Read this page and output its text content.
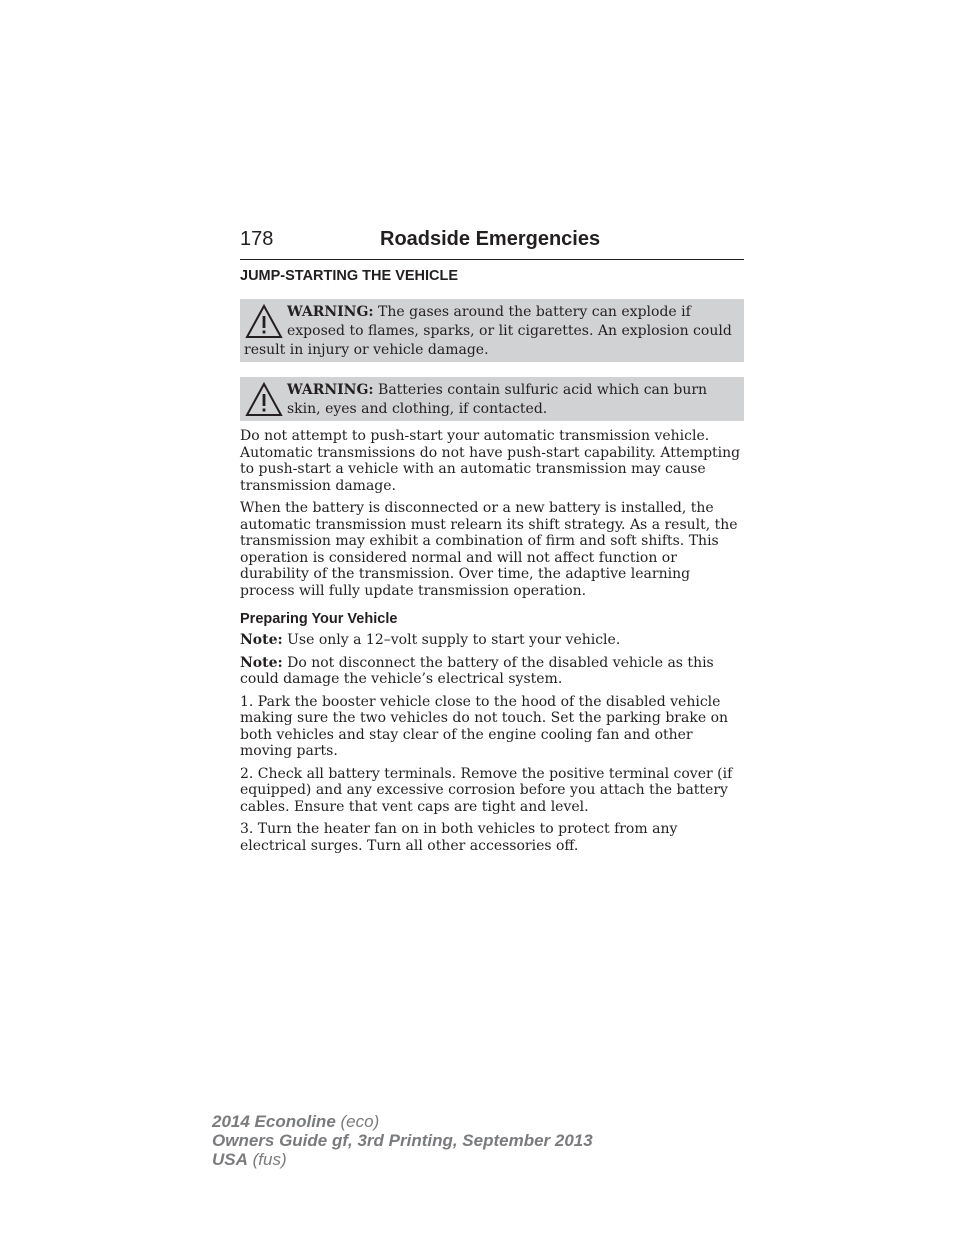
178	Roadside Emergencies
JUMP-STARTING THE VEHICLE
WARNING: The gases around the battery can explode if exposed to flames, sparks, or lit cigarettes. An explosion could result in injury or vehicle damage.
WARNING: Batteries contain sulfuric acid which can burn skin, eyes and clothing, if contacted.

Do not attempt to push-start your automatic transmission vehicle. Automatic transmissions do not have push-start capability. Attempting to push-start a vehicle with an automatic transmission may cause transmission damage.

When the battery is disconnected or a new battery is installed, the automatic transmission must relearn its shift strategy. As a result, the transmission may exhibit a combination of firm and soft shifts. This operation is considered normal and will not affect function or durability of the transmission. Over time, the adaptive learning process will fully update transmission operation.

Preparing Your Vehicle

Note: Use only a 12–volt supply to start your vehicle.

Note: Do not disconnect the battery of the disabled vehicle as this could damage the vehicle’s electrical system.

1. Park the booster vehicle close to the hood of the disabled vehicle making sure the two vehicles do not touch. Set the parking brake on both vehicles and stay clear of the engine cooling fan and other moving parts.

2. Check all battery terminals. Remove the positive terminal cover (if equipped) and any excessive corrosion before you attach the battery cables. Ensure that vent caps are tight and level.

3. Turn the heater fan on in both vehicles to protect from any electrical surges. Turn all other accessories off.

2014 Econoline (eco)
Owners Guide gf, 3rd Printing, September 2013
USA (fus)
